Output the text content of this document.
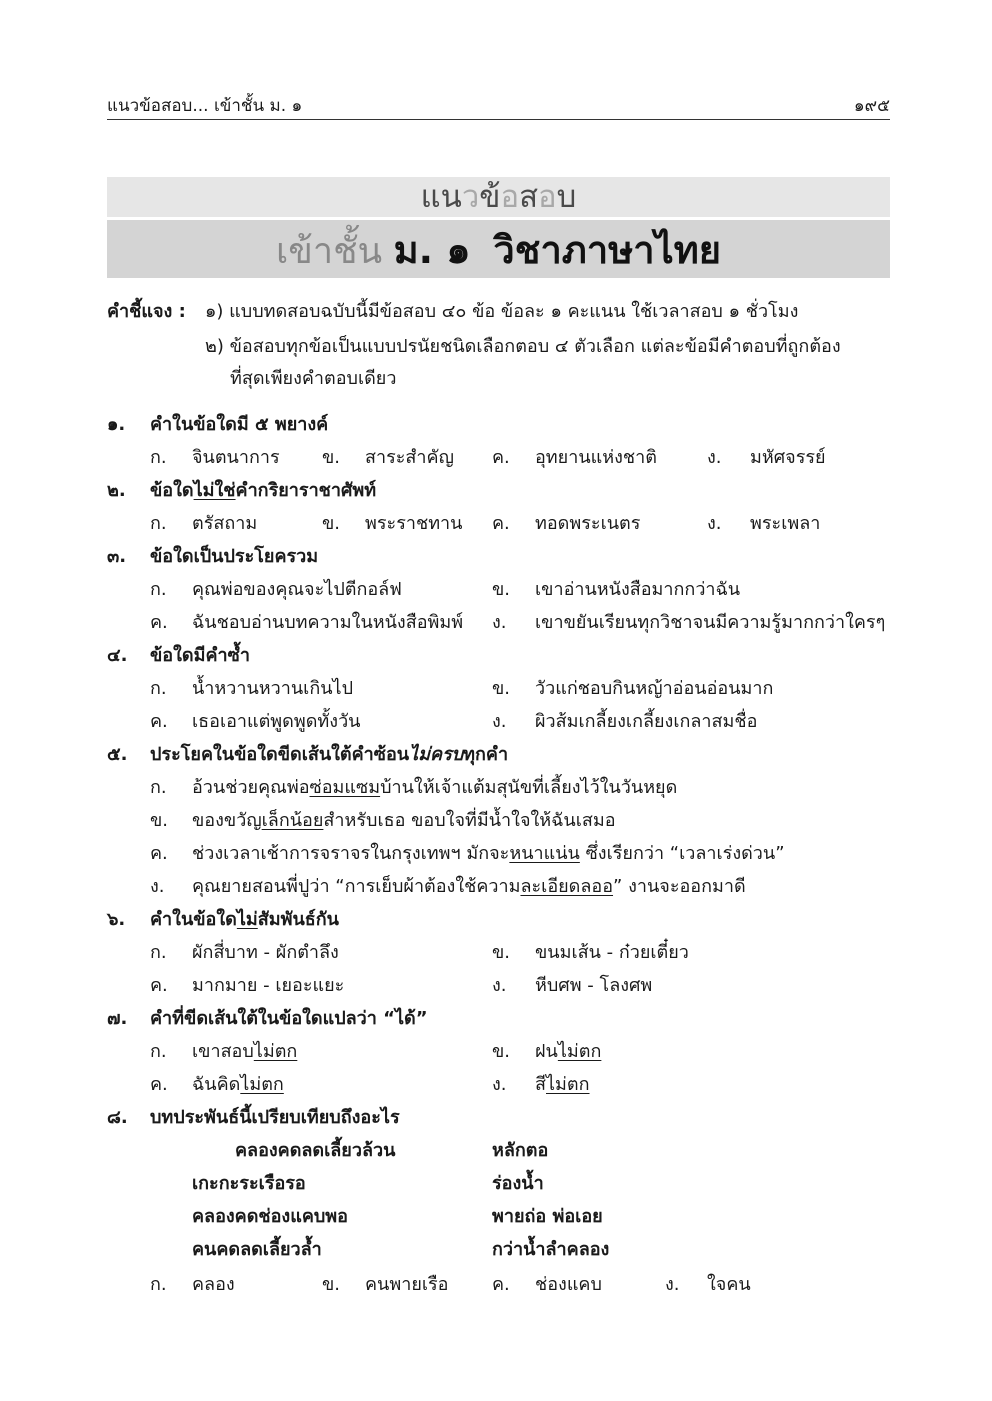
แนวข้อสอบ... เข้าชั้น ม. ๑	๑๙๕
แนวข้อสอบ
เข้าชั้น ม. ๑ วิชาภาษาไทย
คำชี้แจง : ๑) แบบทดสอบฉบับนี้มีข้อสอบ ๔๐ ข้อ ข้อละ ๑ คะแนน ใช้เวลาสอบ ๑ ชั่วโมง
๒) ข้อสอบทุกข้อเป็นแบบปรนัยชนิดเลือกตอบ ๔ ตัวเลือก แต่ละข้อมีคำตอบที่ถูกต้อง
ที่สุดเพียงคำตอบเดียว
๑. คำในข้อใดมี ๕ พยางค์
ก. จินตนาการ ข. สาระสำคัญ ค. อุทยานแห่งชาติ	ง. มหัศจรรย์
๒. ข้อใดไม่ใช่คำกริยาราชาศัพท์
ก. ตรัสถาม	ข. พระราชทาน ค. ทอดพระเนตร	ง. พระเพลา
๓. ข้อใดเป็นประโยครวม
ก. คุณพ่อของคุณจะไปตีกอล์ฟ	ข. เขาอ่านหนังสือมากกว่าฉัน
ค. ฉันชอบอ่านบทความในหนังสือพิมพ์ ง. เขาขยันเรียนทุกวิชาจนมีความรู้มากกว่าใครๆ
๔. ข้อใดมีคำซ้ำ
ก. น้ำหวานหวานเกินไป	ข. วัวแก่ชอบกินหญ้าอ่อนอ่อนมาก
ค. เธอเอาแต่พูดพูดทั้งวัน	ง. ผิวส้มเกลี้ยงเกลี้ยงเกลาสมชื่อ
๕. ประโยคในข้อใดขีดเส้นใต้คำซ้อนไม่ครบทุกคำ
ก. อ้วนช่วยคุณพ่อซ่อมแซมบ้านให้เจ้าแต้มสุนัขที่เลี้ยงไว้ในวันหยุด
ข. ของขวัญเล็กน้อยสำหรับเธอ ขอบใจที่มีน้ำใจให้ฉันเสมอ
ค. ช่วงเวลาเช้าการจราจรในกรุงเทพฯ มักจะหนาแน่น ซึ่งเรียกว่า “เวลาเร่งด่วน”
ง. คุณยายสอนพี่ปูว่า “การเย็บผ้าต้องใช้ความละเอียดลออ” งานจะออกมาดี
๖. คำในข้อใดไม่สัมพันธ์กัน
ก. ผักสี่บาท - ผักตำลึง	ข. ขนมเส้น - ก๋วยเตี๋ยว
ค. มากมาย - เยอะแยะ	ง. หีบศพ - โลงศพ
๗. คำที่ขีดเส้นใต้ในข้อใดแปลว่า “ได้”
ก. เขาสอบไม่ตก	ข. ฝนไม่ตก
ค. ฉันคิดไม่ตก	ง. สีไม่ตก
๘. บทประพันธ์นี้เปรียบเทียบถึงอะไร
คลองคดลดเลี้ยวล้วน	หลักตอ
เกะกะระเรือรอ	ร่องน้ำ
คลองคดช่องแคบพอ	พายถ่อ พ่อเอย
คนคดลดเลี้ยวล้ำ	กว่าน้ำลำคลอง
ก. คลอง	ข. คนพายเรือ ค. ช่องแคบ	ง. ใจคน
